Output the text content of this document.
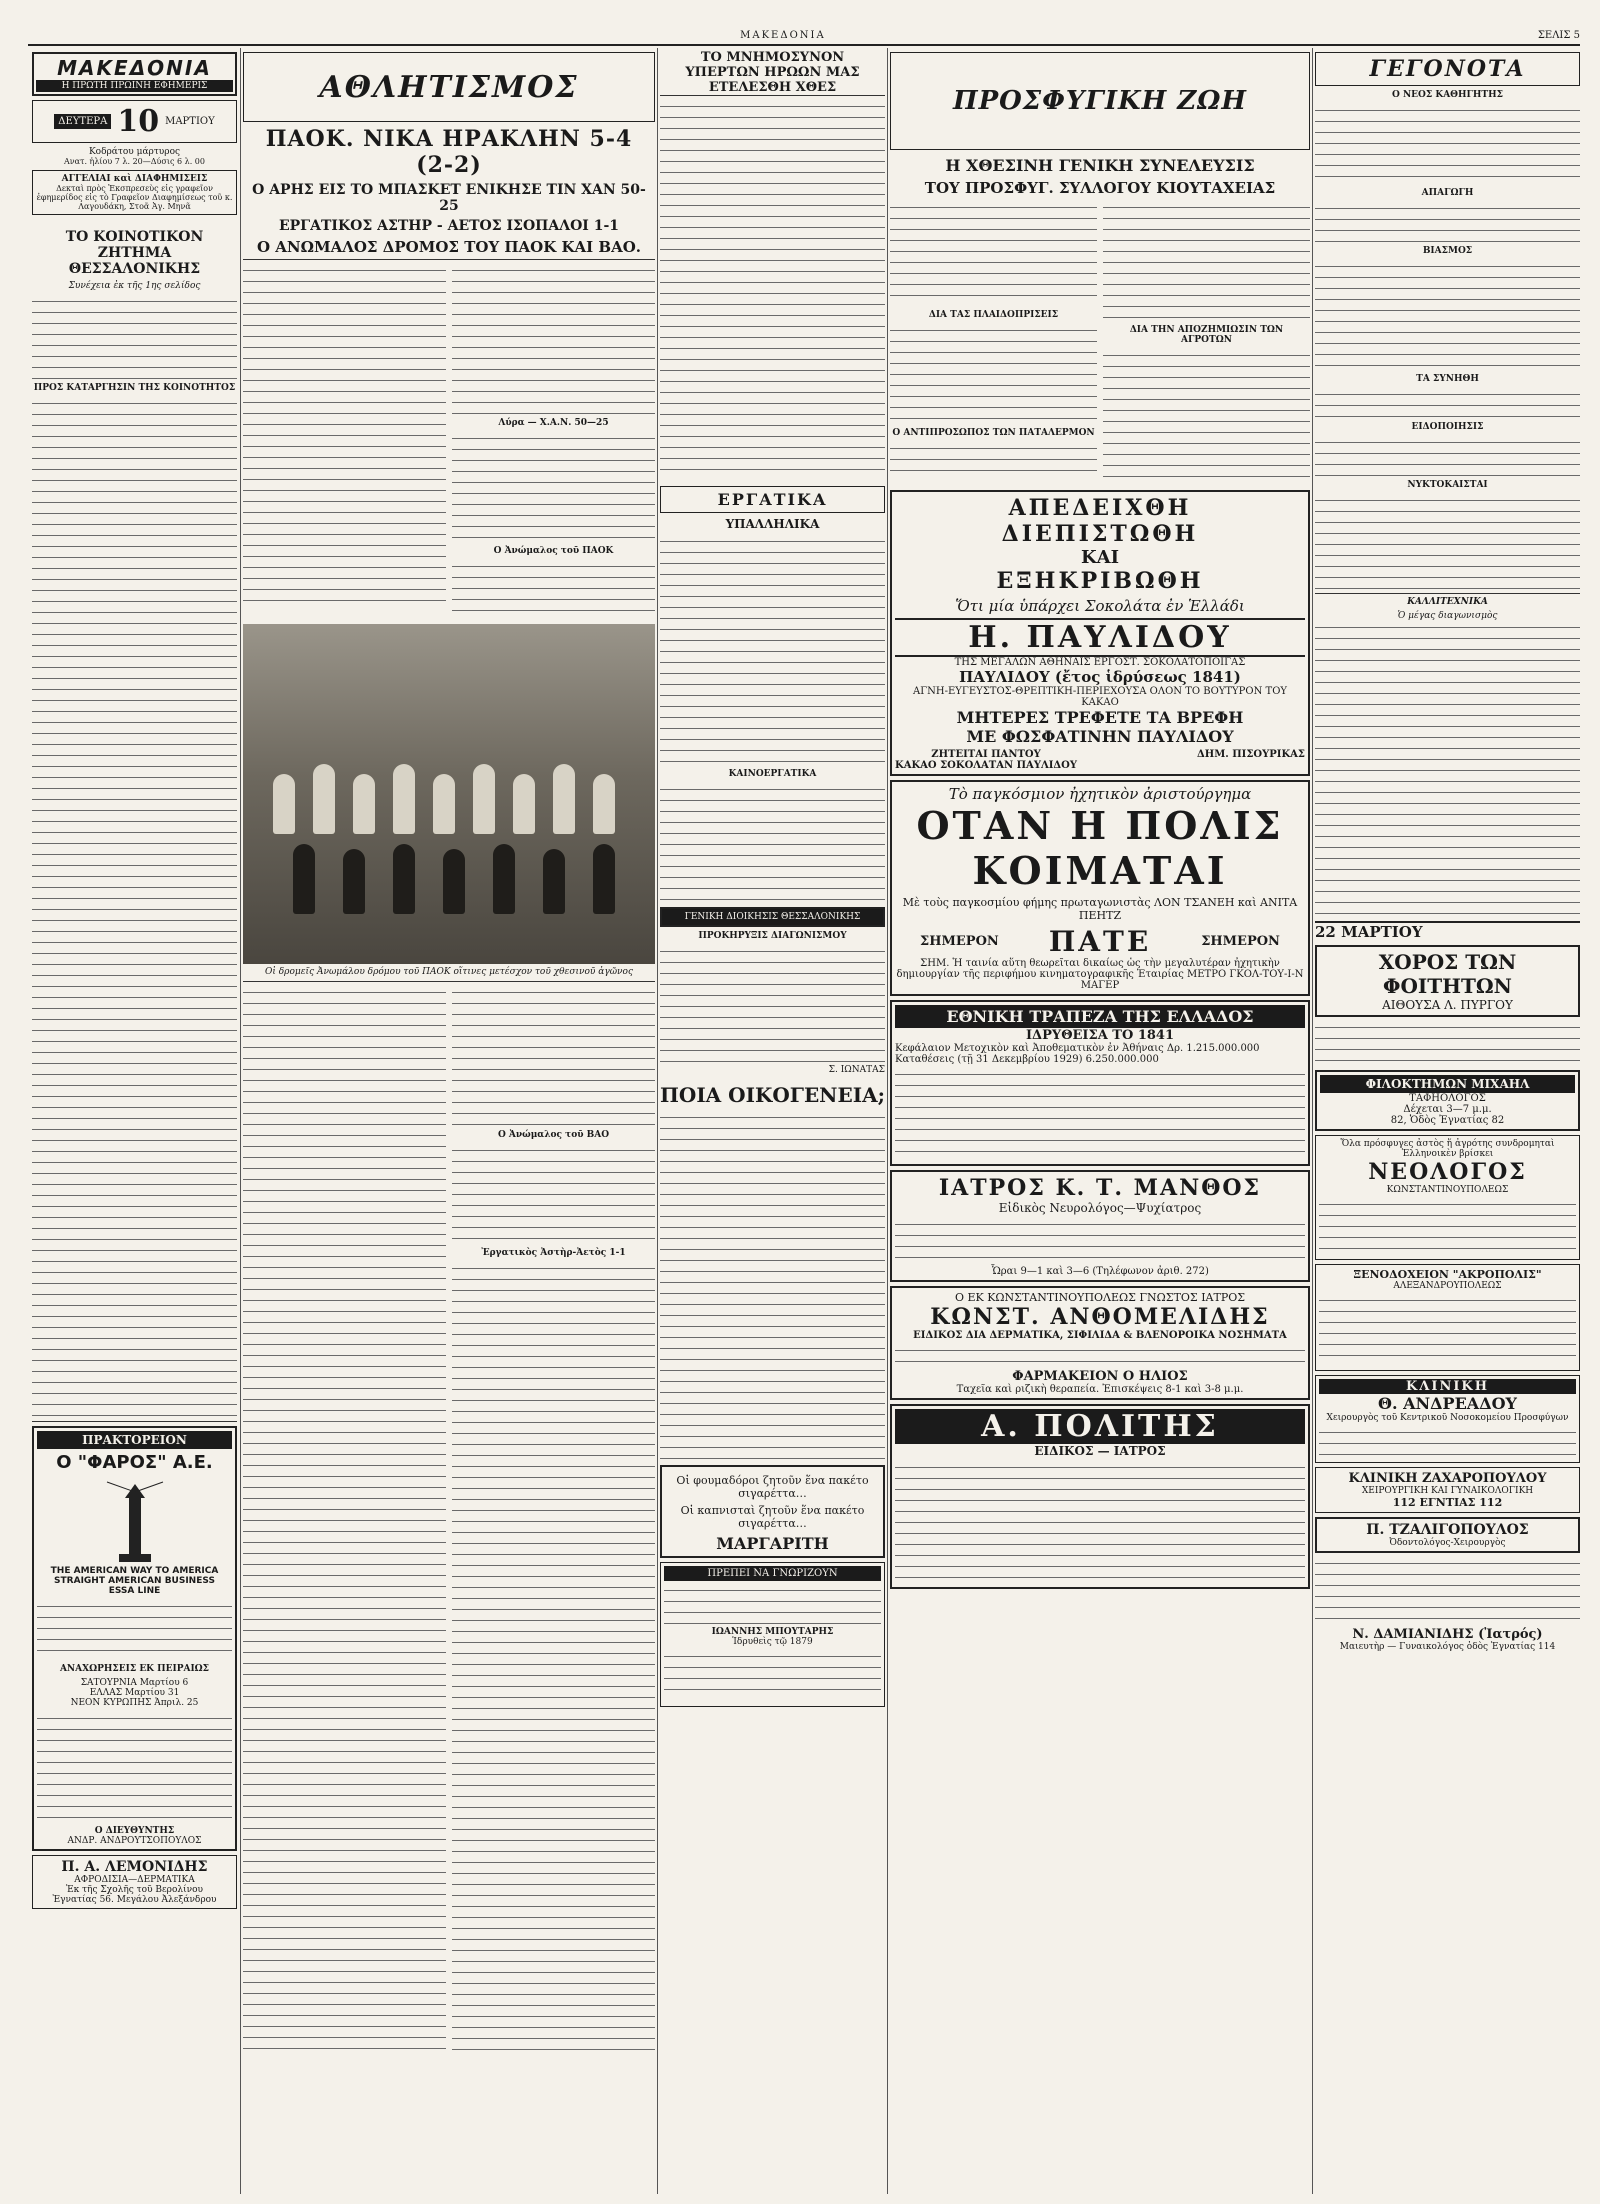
ΜΑΚΕΔΟΝΙΑ	ΣΕΛΙΣ 5
ΜΑΚΕΔΟΝΙΑ
Η ΠΡΩΤΗ ΠΡΩΙΝΗ ΕΦΗΜΕΡΙΣ
ΔΕΥΤΕΡΑ 10 ΜΑΡΤΙΟΥ
Κοδράτου μάρτυρος
Ανατ. ἡλίου 7 λ. 20—Δύσις 6 λ. 00
ΑΓΓΕΛΙΑΙ καὶ ΔΙΑΦΗΜΙΣΕΙΣ
Δεκταὶ πρὸς Ἐκσπρεσεὺς εἰς γραφεῖον ἐφημερίδος εἰς τὸ Γραφεῖον Διαφημίσεως τοῦ κ. Λαγουδάκη, Στοᾶ Ἀγ. Μηνᾶ
ΤΟ ΚΟΙΝΟΤΙΚΟΝ ΖΗΤΗΜΑ ΘΕΣΣΑΛΟΝΙΚΗΣ
Συνέχεια ἐκ τῆς 1ης σελίδος
ΠΡΟΣ ΚΑΤΑΡΓΗΣΙΝ ΤΗΣ ΚΟΙΝΟΤΗΤΟΣ
ΠΡΑΚΤΟΡΕΙΟΝ
Ο "ΦΑΡΟΣ" Α.Ε.
THE AMERICAN WAY TO AMERICA
STRAIGHT AMERICAN BUSINESS
ESSA LINE
ΑΝΑΧΩΡΗΣΕΙΣ ΕΚ ΠΕΙΡΑΙΩΣ
ΣΑΤΟΥΡΝΙΑ Μαρτίου 6
ΕΛΛΑΣ Μαρτίου 31
ΝΕΟΝ ΚΥΡΩΠΗΣ Ἀπριλ. 25
Ο ΔΙΕΥΘΥΝΤΗΣ
ΑΝΔΡ. ΑΝΔΡΟΥΤΣΟΠΟΥΛΟΣ
Π. Α. ΛΕΜΟΝΙΔΗΣ
ΑΦΡΟΔΙΣΙΑ—ΔΕΡΜΑΤΙΚΑ
Ἐκ τῆς Σχολῆς τοῦ Βερολίνου
Ἐγνατίας 56. Μεγάλου Ἀλεξάνδρου
ΑΘΛΗΤΙΣΜΟΣ
ΠΑΟΚ. ΝΙΚΑ ΗΡΑΚΛΗΝ 5-4 (2-2)
Ο ΑΡΗΣ ΕΙΣ ΤΟ ΜΠΑΣΚΕΤ ΕΝΙΚΗΣΕ ΤΙΝ ΧΑΝ 50-25
ΕΡΓΑΤΙΚΟΣ ΑΣΤΗΡ - ΑΕΤΟΣ ΙΣΟΠΑΛΟΙ 1-1
Ο ΑΝΩΜΑΛΟΣ ΔΡΟΜΟΣ ΤΟΥ ΠΑΟΚ ΚΑΙ ΒΑΟ.
Λύρα — Χ.Α.Ν. 50—25
Ο Ἀνώμαλος τοῦ ΠΑΟΚ
Οἱ δρομεῖς Ἀνωμάλου δρόμου τοῦ ΠΑΟΚ οἵτινες μετέσχον τοῦ χθεσινοῦ ἀγῶνος
Ο Ἀνώμαλος τοῦ ΒΑΟ
Ἐργατικὸς Ἀστὴρ-Ἀετὸς 1-1
ΤΟ ΜΝΗΜΟΣΥΝΟΝ
ΥΠΕΡΤΩΝ ΗΡΩΩΝ ΜΑΣ
ΕΤΕΛΕΣΘΗ ΧΘΕΣ
ΕΡΓΑΤΙΚΑ
ΥΠΑΛΛΗΛΙΚΑ
ΚΑΙΝΟΕΡΓΑΤΙΚΑ
ΓΕΝΙΚΗ ΔΙΟΙΚΗΣΙΣ ΘΕΣΣΑΛΟΝΙΚΗΣ
ΠΡΟΚΗΡΥΞΙΣ ΔΙΑΓΩΝΙΣΜΟΥ
Σ. ΙΩΝΑΤΑΣ
ΠΟΙΑ ΟΙΚΟΓΕΝΕΙΑ;
Οἱ φουμαδόροι ζητοῦν ἕνα πακέτο σιγαρέττα…
Οἱ καπνισταὶ ζητοῦν ἕνα πακέτο σιγαρέττα…
ΜΑΡΓΑΡΙΤΗ
ΠΡΕΠΕΙ ΝΑ ΓΝΩΡΙΖΟΥΝ
ΙΩΑΝΝΗΣ ΜΠΟΥΤΑΡΗΣ
Ἱδρυθεὶς τῷ 1879
ΠΡΟΣΦΥΓΙΚΗ ΖΩΗ
Η ΧΘΕΣΙΝΗ ΓΕΝΙΚΗ ΣΥΝΕΛΕΥΣΙΣ
ΤΟΥ ΠΡΟΣΦΥΓ. ΣΥΛΛΟΓΟΥ ΚΙΟΥΤΑΧΕΙΑΣ
ΔΙΑ ΤΑΣ ΠΛΑΙΔΟΠΡΙΣΕΙΣ
Ο ΑΝΤΙΠΡΟΣΩΠΟΣ ΤΩΝ ΠΑΤΑΛΕΡΜΟΝ
ΔΙΑ ΤΗΝ ΑΠΟΖΗΜΙΩΣΙΝ ΤΩΝ ΑΓΡΟΤΩΝ
ΑΠΕΔΕΙΧΘΗ
ΔΙΕΠΙΣΤΩΘΗ
ΚΑΙ
ΕΞΗΚΡΙΒΩΘΗ
Ὅτι μία ὑπάρχει Σοκολάτα ἐν Ἑλλάδι
Η. ΠΑΥΛΙΔΟΥ
ΤΗΣ ΜΕΓΑΛΩΝ ΑΘΗΝΑΙΣ ΕΡΓΟΣΤ. ΣΟΚΟΛΑΤΟΠΟΙΓΑΣ
ΠΑΥΛΙΔΟΥ (ἔτος ἱδρύσεως 1841)
ΑΓΝΗ-ΕΥΓΕΥΣΤΟΣ-ΘΡΕΠΤΙΚΗ-ΠΕΡΙΕΧΟΥΣΑ ΟΛΟΝ ΤΟ ΒΟΥΤΥΡΟΝ ΤΟΥ ΚΑΚΑΟ
ΜΗΤΕΡΕΣ ΤΡΕΦΕΤΕ ΤΑ ΒΡΕΦΗ
ΜΕ ΦΩΣΦΑΤΙΝΗΝ ΠΑΥΛΙΔΟΥ
ΖΗΤΕΙΤΑΙ ΠΑΝΤΟΥ
ΚΑΚΑΟ ΣΟΚΟΛΑΤΑΝ ΠΑΥΛΙΔΟΥ
ΔΗΜ. ΠΙΣΟΥΡΙΚΑΣ
Τὸ παγκόσμιον ἠχητικὸν ἀριστούργημα
ΟΤΑΝ Η ΠΟΛΙΣ
ΚΟΙΜΑΤΑΙ
Μὲ τοὺς παγκοσμίου φήμης πρωταγωνιστὰς ΛΟΝ ΤΣΑΝΕΗ καὶ ΑΝΙΤΑ ΠΕΗΤΖ
ΣΗΜΕΡΟΝ ΠΑΤΕ	ΣΗΜΕΡΟΝ
ΣΗΜ. Ἡ ταινία αὕτη θεωρεῖται δικαίως ὡς τὴν μεγαλυτέραν ἠχητικὴν δημιουργίαν τῆς περιφήμου κινηματογραφικῆς Ἑταιρίας ΜΕΤΡΟ ΓΚΟΛ-ΤΟΥ-Ι-Ν ΜΑΓΕΡ
ΕΘΝΙΚΗ ΤΡΑΠΕΖΑ ΤΗΣ ΕΛΛΑΔΟΣ
ΙΔΡΥΘΕΙΣΑ ΤΟ 1841
Κεφάλαιον Μετοχικὸν καὶ Ἀποθεματικὸν ἐν Ἀθήναις Δρ. 1.215.000.000
Καταθέσεις (τῇ 31 Δεκεμβρίου 1929) 6.250.000.000
ΙΑΤΡΟΣ Κ. Τ. ΜΑΝΘΟΣ
Εἰδικὸς Νευρολόγος—Ψυχίατρος
Ὧραι 9—1 καὶ 3—6 (Τηλέφωνον ἀριθ. 272)
Ο ΕΚ ΚΩΝΣΤΑΝΤΙΝΟΥΠΟΛΕΩΣ ΓΝΩΣΤΟΣ ΙΑΤΡΟΣ
ΚΩΝΣΤ. ΑΝΘΟΜΕΛΙΔΗΣ
ΕΙΔΙΚΟΣ ΔΙΑ ΔΕΡΜΑΤΙΚΑ, ΣΙΦΙΛΙΔΑ & ΒΛΕΝΟΡΟΙΚΑ ΝΟΣΗΜΑΤΑ
ΦΑΡΜΑΚΕΙΟΝ Ο ΗΛΙΟΣ
Ταχεῖα καὶ ριζικὴ θεραπεία. Ἐπισκέψεις 8-1 καὶ 3-8 μ.μ.
Α. ΠΟΛΙΤΗΣ
ΕΙΔΙΚΟΣ — ΙΑΤΡΟΣ
ΓΕΓΟΝΟΤΑ
Ο ΝΕΟΣ ΚΑΘΗΓΗΤΗΣ
ΑΠΑΓΩΓΗ
ΒΙΑΣΜΟΣ
ΤΑ ΣΥΝΗΘΗ
ΕΙΔΟΠΟΙΗΣΙΣ
ΝΥΚΤΟΚΑΙΣΤΑΙ
ΚΑΛΛΙΤΕΧΝΙΚΑ
Ὁ μέγας διαγωνισμὸς
22 ΜΑΡΤΙΟΥ
ΧΟΡΟΣ ΤΩΝ ΦΟΙΤΗΤΩΝ
ΑΙΘΟΥΣΑ Λ. ΠΥΡΓΟΥ
ΦΙΛΟΚΤΗΜΩΝ ΜΙΧΑΗΛ
ΤΑΦΗΟΛΟΓΟΣ
Δέχεται 3—7 μ.μ.
82, Ὁδὸς Ἐγνατίας 82
Ὅλα πρόσφυγες ἀστὸς ἥ ἀγρότης συνδρομηταὶ Ἑλληνοικὲν βρίσκει
ΝΕΟΛΟΓΟΣ
ΚΩΝΣΤΑΝΤΙΝΟΥΠΟΛΕΩΣ
ΞΕΝΟΔΟΧΕΙΟΝ "ΑΚΡΟΠΟΛΙΣ"
ΑΛΕΞΑΝΔΡΟΥΠΟΛΕΩΣ
ΚΛΙΝΙΚΗ
Θ. ΑΝΔΡΕΑΔΟΥ
Χειρουργὸς τοῦ Κεντρικοῦ Νοσοκομείου Προσφύγων
ΚΛΙΝΙΚΗ ΖΑΧΑΡΟΠΟΥΛΟΥ
ΧΕΙΡΟΥΡΓΙΚΗ ΚΑΙ ΓΥΝΑΙΚΟΛΟΓΙΚΗ
112 ΕΓΝΤΙΑΣ 112
Π. ΤΖΑΛΙΓΟΠΟΥΛΟΣ
Ὀδοντολόγος-Χειρουργὸς
Ν. ΔΑΜΙΑΝΙΔΗΣ (Ἰατρός)
Μαιευτὴρ — Γυναικολόγος ὁδὸς Ἐγνατίας 114
